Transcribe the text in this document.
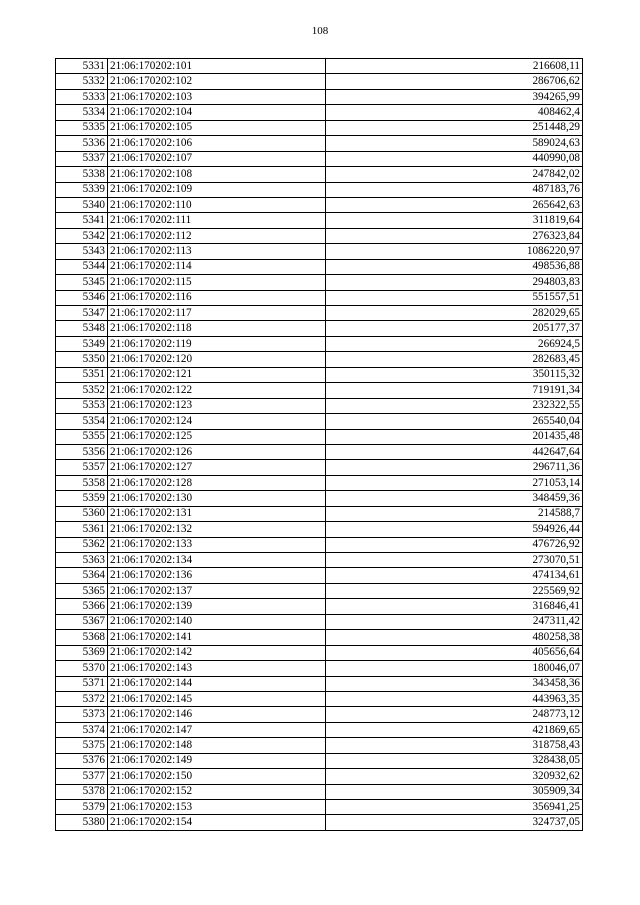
108
5331	21:06:170202:101	216608,11
5332	21:06:170202:102	286706,62
5333	21:06:170202:103	394265,99
5334	21:06:170202:104	408462,4
5335	21:06:170202:105	251448,29
5336	21:06:170202:106	589024,63
5337	21:06:170202:107	440990,08
5338	21:06:170202:108	247842,02
5339	21:06:170202:109	487183,76
5340	21:06:170202:110	265642,63
5341	21:06:170202:111	311819,64
5342	21:06:170202:112	276323,84
5343	21:06:170202:113	1086220,97
5344	21:06:170202:114	498536,88
5345	21:06:170202:115	294803,83
5346	21:06:170202:116	551557,51
5347	21:06:170202:117	282029,65
5348	21:06:170202:118	205177,37
5349	21:06:170202:119	266924,5
5350	21:06:170202:120	282683,45
5351	21:06:170202:121	350115,32
5352	21:06:170202:122	719191,34
5353	21:06:170202:123	232322,55
5354	21:06:170202:124	265540,04
5355	21:06:170202:125	201435,48
5356	21:06:170202:126	442647,64
5357	21:06:170202:127	296711,36
5358	21:06:170202:128	271053,14
5359	21:06:170202:130	348459,36
5360	21:06:170202:131	214588,7
5361	21:06:170202:132	594926,44
5362	21:06:170202:133	476726,92
5363	21:06:170202:134	273070,51
5364	21:06:170202:136	474134,61
5365	21:06:170202:137	225569,92
5366	21:06:170202:139	316846,41
5367	21:06:170202:140	247311,42
5368	21:06:170202:141	480258,38
5369	21:06:170202:142	405656,64
5370	21:06:170202:143	180046,07
5371	21:06:170202:144	343458,36
5372	21:06:170202:145	443963,35
5373	21:06:170202:146	248773,12
5374	21:06:170202:147	421869,65
5375	21:06:170202:148	318758,43
5376	21:06:170202:149	328438,05
5377	21:06:170202:150	320932,62
5378	21:06:170202:152	305909,34
5379	21:06:170202:153	356941,25
5380	21:06:170202:154	324737,05
